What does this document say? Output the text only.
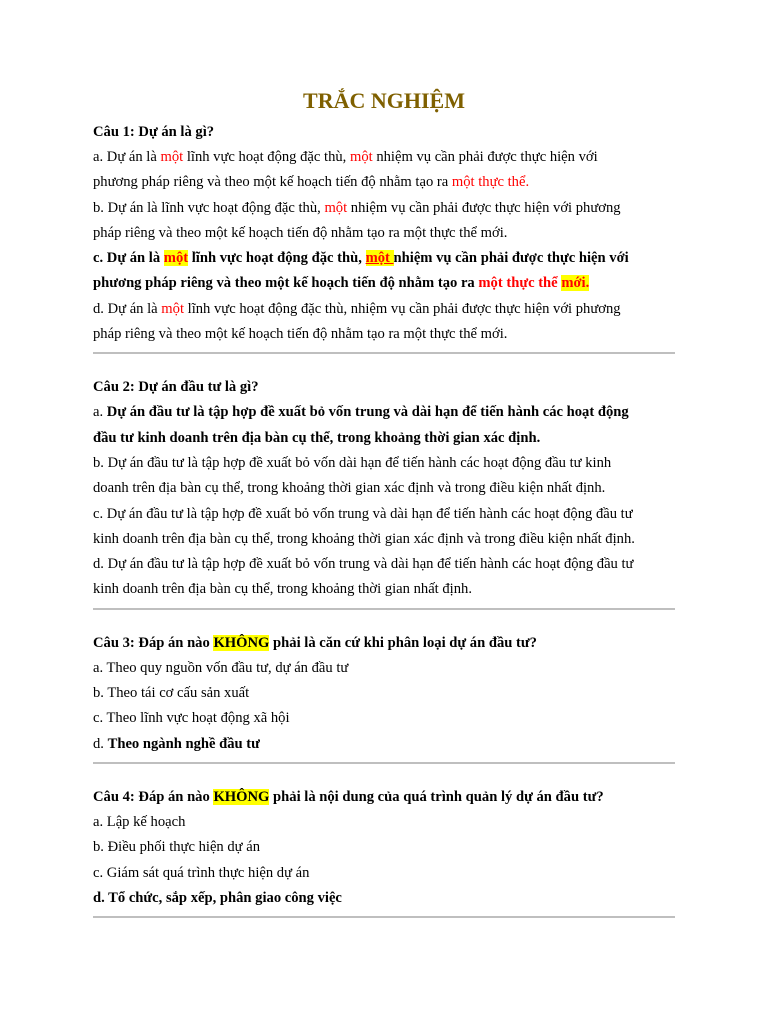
TRẮC NGHIỆM

Câu 1: Dự án là gì?

a. Dự án là một lĩnh vực hoạt động đặc thù, một nhiệm vụ cần phải được thực hiện với

phương pháp riêng và theo một kế hoạch tiến độ nhằm tạo ra một thực thể.

b. Dự án là lĩnh vực hoạt động đặc thù, một nhiệm vụ cần phải được thực hiện với phương

pháp riêng và theo một kế hoạch tiến độ nhằm tạo ra một thực thể mới.

c. Dự án là một lĩnh vực hoạt động đặc thù, một nhiệm vụ cần phải được thực hiện với

phương pháp riêng và theo một kế hoạch tiến độ nhằm tạo ra một thực thể mới.

d. Dự án là một lĩnh vực hoạt động đặc thù, nhiệm vụ cần phải được thực hiện với phương

pháp riêng và theo một kế hoạch tiến độ nhằm tạo ra một thực thể mới.

Câu 2: Dự án đầu tư là gì?

a. Dự án đầu tư là tập hợp đề xuất bỏ vốn trung và dài hạn để tiến hành các hoạt động

đầu tư kinh doanh trên địa bàn cụ thể, trong khoảng thời gian xác định.

b. Dự án đầu tư là tập hợp đề xuất bỏ vốn dài hạn để tiến hành các hoạt động đầu tư kinh

doanh trên địa bàn cụ thể, trong khoảng thời gian xác định và trong điều kiện nhất định.

c. Dự án đầu tư là tập hợp đề xuất bỏ vốn trung và dài hạn để tiến hành các hoạt động đầu tư

kinh doanh trên địa bàn cụ thể, trong khoảng thời gian xác định và trong điều kiện nhất định.

d. Dự án đầu tư là tập hợp đề xuất bỏ vốn trung và dài hạn để tiến hành các hoạt động đầu tư

kinh doanh trên địa bàn cụ thể, trong khoảng thời gian nhất định.

Câu 3: Đáp án nào KHÔNG phải là căn cứ khi phân loại dự án đầu tư?

a. Theo quy nguồn vốn đầu tư, dự án đầu tư

b. Theo tái cơ cấu sản xuất

c. Theo lĩnh vực hoạt động xã hội

d. Theo ngành nghề đầu tư

Câu 4: Đáp án nào KHÔNG phải là nội dung của quá trình quản lý dự án đầu tư?

a. Lập kế hoạch

b. Điều phối thực hiện dự án

c. Giám sát quá trình thực hiện dự án

d. Tổ chức, sắp xếp, phân giao công việc
